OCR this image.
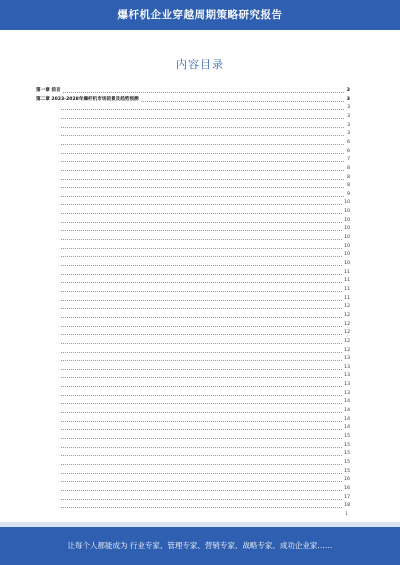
爆杆机企业穿越周期策略研究报告
内容目录
第一章 前言	3
第二章 2023-2028年爆杆机市场前景及趋势预测	3
3
3
3
3
6
6
7
8
8
8
9
10
10
10
10
10
10
10
10
11
11
11
11
12
12
12
12
12
12
13
13
13
13
13
14
14
14
14
15
15
15
15
15
16
16
17
18
1
让每个人都能成为 行业专家、管理专家、营销专家、战略专家、成功企业家……
